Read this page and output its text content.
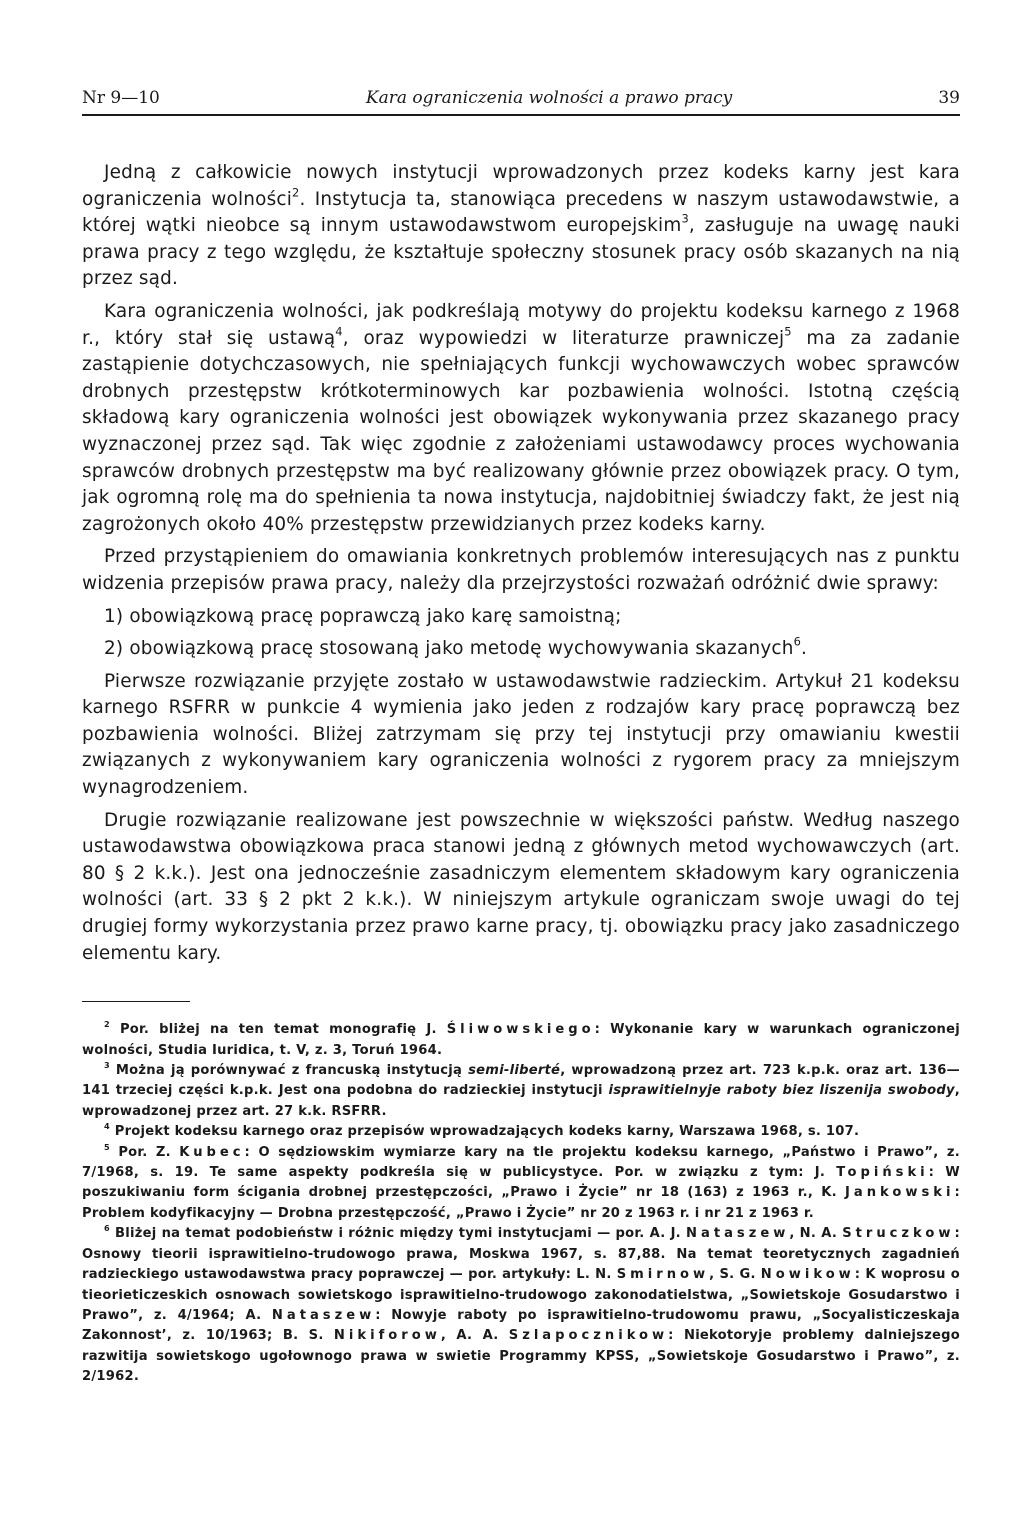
Nr 9—10	Kara ograniczenia wolności a prawo pracy	39

Jedną z całkowicie nowych instytucji wprowadzonych przez kodeks karny jest kara ograniczenia wolności$^2$. Instytucja ta, stanowiąca precedens w naszym ustawodawstwie, a której wątki nieobce są innym ustawodawstwom europejskim$^3$, zasługuje na uwagę nauki prawa pracy z tego względu, że kształtuje społeczny stosunek pracy osób skazanych na nią przez sąd.

Kara ograniczenia wolności, jak podkreślają motywy do projektu kodeksu karnego z 1968 r., który stał się ustawą$^4$, oraz wypowiedzi w literaturze prawniczej$^5$ ma za zadanie zastąpienie dotychczasowych, nie spełniających funkcji wychowawczych wobec sprawców drobnych przestępstw krótkoterminowych kar pozbawienia wolności. Istotną częścią składową kary ograniczenia wolności jest obowiązek wykonywania przez skazanego pracy wyznaczonej przez sąd. Tak więc zgodnie z założeniami ustawodawcy proces wychowania sprawców drobnych przestępstw ma być realizowany głównie przez obowiązek pracy. O tym, jak ogromną rolę ma do spełnienia ta nowa instytucja, najdobitniej świadczy fakt, że jest nią zagrożonych około 40% przestępstw przewidzianych przez kodeks karny.

Przed przystąpieniem do omawiania konkretnych problemów interesujących nas z punktu widzenia przepisów prawa pracy, należy dla przejrzystości rozważań odróżnić dwie sprawy:

1) obowiązkową pracę poprawczą jako karę samoistną;

2) obowiązkową pracę stosowaną jako metodę wychowywania skazanych$^6$.

Pierwsze rozwiązanie przyjęte zostało w ustawodawstwie radzieckim. Artykuł 21 kodeksu karnego RSFRR w punkcie 4 wymienia jako jeden z rodzajów kary pracę poprawczą bez pozbawienia wolności. Bliżej zatrzymam się przy tej instytucji przy omawianiu kwestii związanych z wykonywaniem kary ograniczenia wolności z rygorem pracy za mniejszym wynagrodzeniem.

Drugie rozwiązanie realizowane jest powszechnie w większości państw. Według naszego ustawodawstwa obowiązkowa praca stanowi jedną z głównych metod wychowawczych (art. 80 § 2 k.k.). Jest ona jednocześnie zasadniczym elementem składowym kary ograniczenia wolności (art. 33 § 2 pkt 2 k.k.). W niniejszym artykule ograniczam swoje uwagi do tej drugiej formy wykorzystania przez prawo karne pracy, tj. obowiązku pracy jako zasadniczego elementu kary.

$^2$ Por. bliżej na ten temat monografię J. Śliwowskiego: Wykonanie kary w warunkach ograniczonej wolności, Studia Iuridica, t. V, z. 3, Toruń 1964.

$^3$ Można ją porównywać z francuską instytucją semi-liberté, wprowadzoną przez art. 723 k.p.k. oraz art. 136—141 trzeciej części k.p.k. Jest ona podobna do radzieckiej instytucji isprawitielnyje raboty biez liszenija swobody, wprowadzonej przez art. 27 k.k. RSFRR.

$^4$ Projekt kodeksu karnego oraz przepisów wprowadzających kodeks karny, Warszawa 1968, s. 107.

$^5$ Por. Z. Kubec: O sędziowskim wymiarze kary na tle projektu kodeksu karnego, „Państwo i Prawo”, z. 7/1968, s. 19. Te same aspekty podkreśla się w publicystyce. Por. w związku z tym: J. Topiński: W poszukiwaniu form ścigania drobnej przestępczości, „Prawo i Życie” nr 18 (163) z 1963 r., K. Jankowski: Problem kodyfikacyjny — Drobna przestępczość, „Prawo i Życie” nr 20 z 1963 r. i nr 21 z 1963 r.

$^6$ Bliżej na temat podobieństw i różnic między tymi instytucjami — por. A. J. Nataszew, N. A. Struczkow: Osnowy tieorii isprawitielno-trudowogo prawa, Moskwa 1967, s. 87,88. Na temat teoretycznych zagadnień radzieckiego ustawodawstwa pracy poprawczej — por. artykuły: L. N. Smirnow, S. G. Nowikow: K woprosu o tieorieticzeskich osnowach sowietskogo isprawitielno-trudowogo zakonodatielstwa, „Sowietskoje Gosudarstwo i Prawo”, z. 4/1964; A. Nataszew: Nowyje raboty po isprawitielno-trudowomu prawu, „Socyalisticzeskaja Zakonnost’, z. 10/1963; B. S. Nikiforow, A. A. Szlapocznikow: Niekotoryje problemy dalniejszego razwitija sowietskogo ugołownogo prawa w swietie Programmy KPSS, „Sowietskoje Gosudarstwo i Prawo”, z. 2/1962.
